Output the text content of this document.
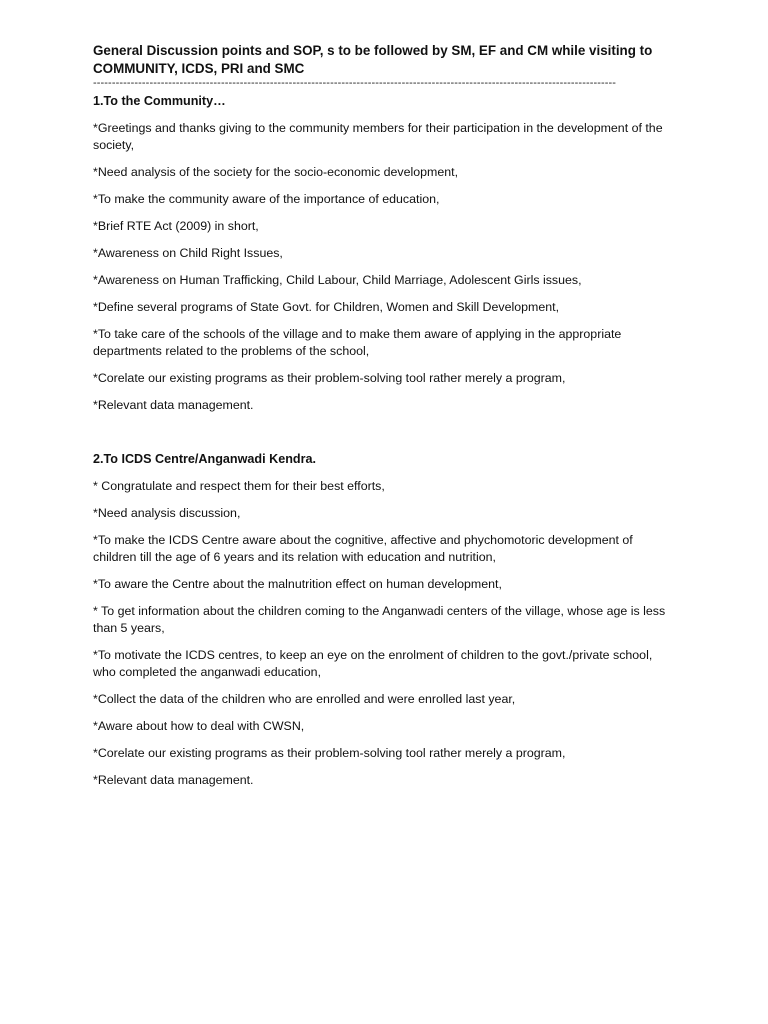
General Discussion points and SOP, s to be followed by SM, EF and CM while visiting to COMMUNITY, ICDS, PRI and SMC

-------------------------------------------------------------------------------------------------------------------------------------------

1.To the Community…

*Greetings and thanks giving to the community members for their participation in the development of the society,

*Need analysis of the society for the socio-economic development,

*To make the community aware of the importance of education,

*Brief RTE Act (2009) in short,

*Awareness on Child Right Issues,

*Awareness on Human Trafficking, Child Labour, Child Marriage, Adolescent Girls issues,

*Define several programs of State Govt. for Children, Women and Skill Development,

*To take care of the schools of the village and to make them aware of applying in the appropriate departments related to the problems of the school,

*Corelate our existing programs as their problem-solving tool rather merely a program,

*Relevant data management.

2.To ICDS Centre/Anganwadi Kendra.

* Congratulate and respect them for their best efforts,

*Need analysis discussion,

*To make the ICDS Centre aware about the cognitive, affective and phychomotoric development of children till the age of 6 years and its relation with education and nutrition,

*To aware the Centre about the malnutrition effect on human development,

* To get information about the children coming to the Anganwadi centers of the village, whose age is less than 5 years,

*To motivate the ICDS centres, to keep an eye on the enrolment of children to the govt./private school, who completed the anganwadi education,

*Collect the data of the children who are enrolled and were enrolled last year,

*Aware about how to deal with CWSN,

*Corelate our existing programs as their problem-solving tool rather merely a program,

*Relevant data management.
